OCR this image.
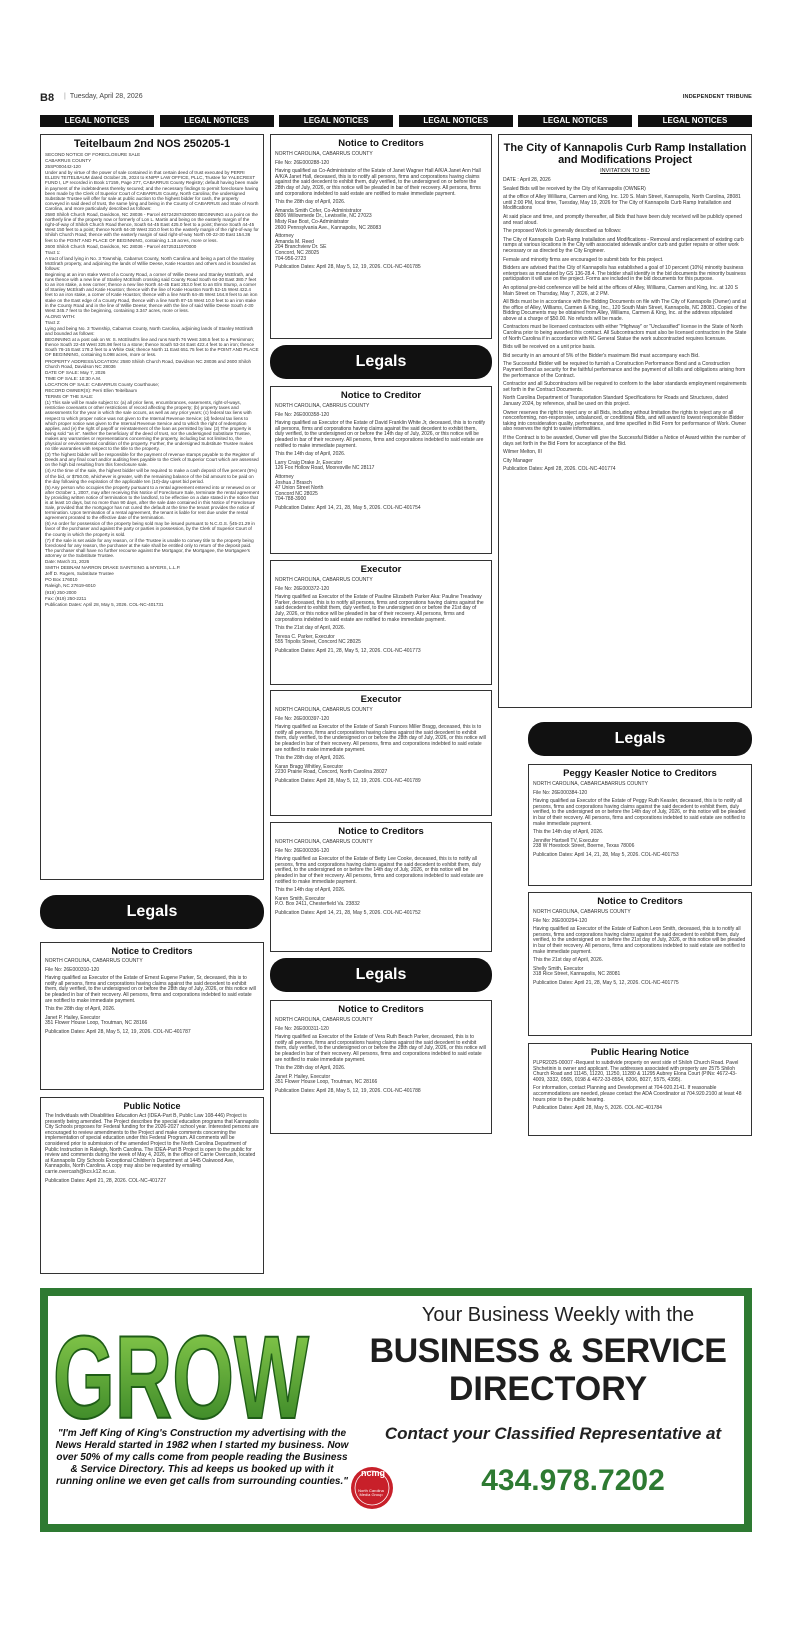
B8
|	Tuesday, April 28, 2026	INDEPENDENT TRIBUNE
LEGAL NOTICES	LEGAL NOTICES	LEGAL NOTICES	LEGAL NOTICES	LEGAL NOTICES	LEGAL NOTICES
Teitelbaum 2nd NOS 250205-1

SECOND NOTICE OF FORECLOSURE SALE

CABARRUS COUNTY

25SP000442-120

Under and by virtue of the power of sale contained in that certain deed of trust executed by PERRI ELLEN TEITELBAUM dated October 25, 2024 to KNIPP LAW OFFICE, PLLC, Trustee for YALECREST FUND I, LP recorded in Book 17159, Page 277, CABARRUS County Registry; default having been made in payment of the indebtedness thereby secured; and the necessary findings to permit foreclosure having been made by the Clerk of Superior Court of CABARRUS County, North Carolina; the undersigned Substitute Trustee will offer for sale at public auction to the highest bidder for cash, the property conveyed in said deed of trust, the same lying and being in the County of CABARRUS and State of North Carolina, and more particularly described as follows:

2580 Shiloh Church Road, Davidson, NC 28036 - Parcel 46724287430000 BEGINNING at a point on the northerly line of the property now or formerly of Lon L. Martin and being on the easterly margin of the right-of-way of Shiloh Church Road thence, South 64-45 East 425.0 feet to a point; thence South 44-45 West 150 feet to a point; thence North 64-30 West 310.0 feet to the easterly margin of the right-of-way for Shiloh Church Road; thence with the easterly margin of said right-of-way North 00-22-30 East 154.36 feet to the POINT AND PLACE OF BEGINNING, containing 1.18 acres, more or less.

2600 Shiloh Church Road, Davidson, NC 28036 - Parcel 46725311970000

Tract 1:

A tract of land lying in No. 3 Township, Cabarrus County, North Carolina and being a part of the Stanley McElrath property, and adjoining the lands of Willie Deese, Katie Houston and others and is bounded as follows:

Beginning at an iron stake West of a County Road, a corner of Willie Deese and Stanley McElrath, and runs thence with a new line of Stanley McElrath crossing said County Road South 64-30 East 380.7 feet to an iron stake, a new corner; thence a new line North 44-45 East 253.0 feet to an Elm Stump, a corner of Stanley McElrath and Katie Houston; thence with the line of Katie Houston North 52-15 West 422.4 feet to an iron stake, a corner of Katie Houston; thence with a line North 64-45 West 164.8 feet to an iron stake on the East edge of a County Road, thence with a line North 87-15 West 10.0 feet to an iron stake in the County Road and in the line of Willie Deese; thence with the line of said Willie Deese South 4-30 West 345.7 feet to the beginning, containing 3.347 acres, more or less.

ALONG WITH:

Tract 2:

Lying and being No. 3 Township, Cabarrus County, North Carolina, adjoining lands of Stanley McElrath and bounded as follows:

BEGINNING at a post oak on W. S. McElrath's line and runs North 76 West 346.5 feet to a Persimmon; thence South 22-48 West 325.98 feet to a stone; thence South 53-34 East 422.4 feet to an iron; thence South 78-15 East 178.2 feet to a White Oak; thence North 11 East 651.75 feet to the POINT AND PLACE OF BEGINNING, containing 5.098 acres, more or less.

PROPERTY ADDRESS/LOCATION: 2580 Shiloh Church Road, Davidson NC 28036 and 2600 Shiloh Church Road, Davidson NC 28036

DATE OF SALE: May 7, 2026

TIME OF SALE: 10:30 A.M.

LOCATION OF SALE: CABARRUS County Courthouse;

RECORD OWNER(S): Perri Ellen Teitelbaum

TERMS OF THE SALE:

(1) This sale will be made subject to: (a) all prior liens, encumbrances, easements, right-of-ways, restrictive covenants or other restrictions of record affecting the property; (b) property taxes and assessments for the year in which the sale occurs, as well as any prior years; (c) federal tax liens with respect to which proper notice was not given to the Internal Revenue Service; (d) federal tax liens to which proper notice was given to the Internal Revenue Service and to which the right of redemption applies, and (e) the right of payoff or reinstatement of the loan as permitted by law. (2) The property is being sold "as is". Neither the beneficiary of the deed of trust, nor the undersigned Substitute Trustee, makes any warranties or representations concerning the property, including but not limited to, the physical or environmental condition of the property. Further, the undersigned Substitute Trustee makes no title warranties with respect to the title to the property.

(3) The highest bidder will be responsible for the payment of revenue stamps payable to the Register of Deeds and any final court and/or auditing fees payable to the Clerk of Superior Court which are assessed on the high bid resulting from this foreclosure sale.

(4) At the time of the sale, the highest bidder will be required to make a cash deposit of five percent (5%) of the bid, or $750.00, whichever is greater, with the remaining balance of the bid amount to be paid on the day following the expiration of the applicable ten (10)-day upset bid period.

(5) Any person who occupies the property pursuant to a rental agreement entered into or renewed on or after October 1, 2007, may after receiving this Notice of Foreclosure Sale, terminate the rental agreement by providing written notice of termination to the landlord, to be effective on a date stated in the notice that is at least 10 days, but no more than 90 days, after the sale date contained in this Notice of Foreclosure Sale, provided that the mortgagor has not cured the default at the time the tenant provides the notice of termination. Upon termination of a rental agreement, the tenant is liable for rent due under the rental agreement prorated to the effective date of the termination.

(6) An order for possession of the property being sold may be issued pursuant to N.C.G.S. §45-21.29 in favor of the purchaser and against the party or parties in possession, by the Clerk of Superior Court of the county in which the property is sold.

(7) If the sale is set aside for any reason, or if the Trustee is unable to convey title to the property being foreclosed for any reason, the purchaser at the sale shall be entitled only to return of the deposit paid. The purchaser shall have no further recourse against the Mortgagor, the Mortgagee, the Mortgagee's attorney or the Substitute Trustee.

Date: March 31, 2026

SMITH DEBNAM NARRON DRAKE SAINTSING & MYERS, L.L.P.

Jeff D. Rogers, Substitute Trustee

PO Box 176010

Raleigh, NC 27619-6010

(919) 250-2000

Fax: (919) 250-2211

Publication Dates: April 28, May 5, 2026. COL-NC-401731

Legals
Notice to Creditors

NORTH CAROLINA, CABARRUS COUNTY

File No: 26E000310-120

Having qualified as Executor of the Estate of Ernest Eugene Parker, Sr, deceased, this is to notify all persons, firms and corporations having claims against the said decedent to exhibit them, duly verified, to the undersigned on or before the 28th day of July, 2026, or this notice will be pleaded in bar of their recovery. All persons, firms and corporations indebted to said estate are notified to make immediate payment.

This the 28th day of April, 2026.

Janet P. Hailey, Executor
351 Flower House Loop, Troutman, NC 28166

Publication Dates: April 28, May 5, 12, 19, 2026. COL-NC-401787

Public Notice

The Individuals with Disabilities Education Act (IDEA-Part B, Public Law 108-446) Project is presently being amended. The Project describes the special education programs that Kannapolis City Schools proposes for Federal funding for the 2026-2027 school year. Interested persons are encouraged to review amendments to the Project and make comments concerning the implementation of special education under this Federal Program. All comments will be considered prior to submission of the amended Project to the North Carolina Department of Public Instruction in Raleigh, North Carolina. The IDEA-Part B Project is open to the public for review and comments during the week of May 4, 2026, in the office of Carrie Overcash, located at Kannapolis City Schools Exceptional Children's Department at 1445 Oakwood Ave, Kannapolis, North Carolina. A copy may also be requested by emailing carrie.overcash@kcs.k12.nc.us.

Publication Dates: April 21, 28, 2026. COL-NC-401727

Notice to Creditors

NORTH CAROLINA, CABARRUS COUNTY

File No: 26E000288-120

Having qualified as Co-Administrator of the Estate of Janet Wagner Hall A/K/A Janet Ann Hall A/K/A Janet Hall, deceased, this is to notify all persons, firms and corporations having claims against the said decedent to exhibit them, duly verified, to the undersigned on or before the 28th day of July, 2026, or this notice will be pleaded in bar of their recovery. All persons, firms and corporations indebted to said estate are notified to make immediate payment.

This the 28th day of April, 2026.

Amanda Smith Cofer, Co-Administrator
8806 Willowmede Dr., Lewisville, NC 27023
Misty Rae Bost, Co-Administrator
2600 Pennsylvania Ave., Kannapolis, NC 28083

Attorney
Amanda M. Reed
204 Branchview Dr. SE
Concord, NC 28025
704-956-2723

Publication Dates: April 28, May 5, 12, 19, 2026. COL-NC-401785

Legals
Notice to Creditor

NORTH CAROLINA, CABRRUS COUNTY

File No: 26E000358-120

Having qualified as Executor of the Estate of David Franklin White Jr, deceased, this is to notify all persons, firms and corporations having claims against the said decedent to exhibit them, duly verified, to the undersigned on or before the 14th day of July, 2026, or this notice will be pleaded in bar of their recovery. All persons, firms and corporations indebted to said estate are notified to make immediate payment.

This the 14th day of April, 2026.

Larry Craig Drake Jr, Executor
126 Fox Hollow Road, Mooresville NC 28117

Attorney
Joshua J Brasch
47 Union Street North
Concord NC 28025
704-788-3900

Publication Dates: April 14, 21, 28, May 5, 2026. COL-NC-401754

Executor

NORTH CAROLINA, CABARRUS COUNTY

File No: 26E000372-120

Having qualified as Executor of the Estate of Pauline Elizabeth Parker Aka: Pauline Treadway Parker, deceased, this is to notify all persons, firms and corporations having claims against the said decedent to exhibit them, duly verified, to the undersigned on or before the 21st day of July, 2026, or this notice will be pleaded in bar of their recovery. All persons, firms and corporations indebted to said estate are notified to make immediate payment.

This the 21st day of April, 2026.

Teresa C. Parker, Executor
555 Tripolis Street, Concord NC 28025

Publication Dates: April 21, 28, May 5, 12, 2026. COL-NC-401773

Executor

NORTH CAROLINA, CABARRUS COUNTY

File No: 26E000397-120

Having qualified as Executor of the Estate of Sarah Frances Miller Bragg, deceased, this is to notify all persons, firms and corporations having claims against the said decedent to exhibit them, duly verified, to the undersigned on or before the 28th day of July, 2026, or this notice will be pleaded in bar of their recovery. All persons, firms and corporations indebted to said estate are notified to make immediate payment.

This the 28th day of April, 2026.

Karan Bragg Whitley, Executor
2230 Prairie Road, Concord, North Carolina 28027

Publication Dates: April 28, May 5, 12, 19, 2026. COL-NC-401789

Notice to Creditors

NORTH CAROLINA, CABARRUS COUNTY

File No: 26E000336-120

Having qualified as Executor of the Estate of Betty Lee Cooke, deceased, this is to notify all persons, firms and corporations having claims against the said decedent to exhibit them, duly verified, to the undersigned on or before the 14th day of July, 2026, or this notice will be pleaded in bar of their recovery. All persons, firms and corporations indebted to said estate are notified to make immediate payment.

This the 14th day of April, 2026.

Karen Smith, Executor
P.O. Box 2411, Chesterfield Va. 23832

Publication Dates: April 14, 21, 28, May 5, 2026. COL-NC-401752

Legals
Notice to Creditors

NORTH CAROLINA, CABARRUS COUNTY

File No: 26E000311-120

Having qualified as Executor of the Estate of Vera Ruth Beach Parker, deceased, this is to notify all persons, firms and corporations having claims against the said decedent to exhibit them, duly verified, to the undersigned on or before the 28th day of July, 2026, or this notice will be pleaded in bar of their recovery. All persons, firms and corporations indebted to said estate are notified to make immediate payment.

This the 28th day of April, 2026.

Janet P. Hailey, Executor
351 Flower House Loop, Troutman, NC 28166

Publication Dates: April 28, May 5, 12, 19, 2026. COL-NC-401788

The City of Kannapolis Curb Ramp Installation and Modifications Project
INVITATION TO BID

DATE : April 28, 2026

Sealed Bids will be received by the City of Kannapolis (OWNER)

at the office of Alley Williams, Carmen and King, Inc. 120 S. Main Street, Kannapolis, North Carolina, 28081 until 2:00 PM, local time, Tuesday, May 19, 2026 for The City of Kannapolis Curb Ramp Installation and Modifications

At said place and time, and promptly thereafter, all Bids that have been duly received will be publicly opened and read aloud.

The proposed Work is generally described as follows:

The City of Kannapolis Curb Ramp Installation and Modifications - Removal and replacement of existing curb ramps at various locations in the City with associated sidewalk and/or curb and gutter repairs or other work necessary or as directed by the City Engineer.

Female and minority firms are encouraged to submit bids for this project.

Bidders are advised that the City of Kannapolis has established a goal of 10 percent (10%) minority business enterprises as mandated by GS 136-28.4. The bidder shall identify in the bid documents the minority business participation it will use on the project. Forms are included in the bid documents for this purpose.

An optional pre-bid conference will be held at the offices of Alley, Williams, Carmen and King, Inc. at 120 S Main Street on Thursday, May 7, 2026, at 2 PM.

All Bids must be in accordance with the Bidding Documents on file with The City of Kannapolis (Owner) and at the office of Alley, Williams, Carmen & King, Inc., 120 South Main Street, Kannapolis, NC 28081. Copies of the Bidding Documents may be obtained from Alley, Williams, Carmen & King, Inc. at the address stipulated above at a charge of $50.00. No refunds will be made.

Contractors must be licensed contractors with either "Highway" or "Unclassified" license in the State of North Carolina prior to being awarded this contract. All Subcontractors must also be licensed contractors in the State of North Carolina if in accordance with NC General Statue the work subcontracted requires licensure.

Bids will be received on a unit price basis.

Bid security in an amount of 5% of the Bidder's maximum Bid must accompany each Bid.

The Successful Bidder will be required to furnish a Construction Performance Bond and a Construction Payment Bond as security for the faithful performance and the payment of all bills and obligations arising from the performance of the Contract.

Contractor and all Subcontractors will be required to conform to the labor standards employment requirements set forth in the Contract Documents.

North Carolina Department of Transportation Standard Specifications for Roads and Structures, dated January 2024, by reference, shall be used on this project.

Owner reserves the right to reject any or all Bids, including without limitation the rights to reject any or all nonconforming, non-responsive, unbalanced, or conditional Bids, and will award to lowest responsible Bidder taking into consideration quality, performance, and time specified in Bid Form for performance of Work. Owner also reserves the right to waive informalities.

If the Contract is to be awarded, Owner will give the Successful Bidder a Notice of Award within the number of days set forth in the Bid Form for acceptance of the Bid.

Wilmer Melton, III

City Manager

Publication Dates: April 28, 2026. COL-NC-401774

Legals
Peggy Keasler Notice to Creditors

NORTH CAROLINA, CABARCABARRUS COUNTY

File No: 26E000384-120

Having qualified as Executor of the Estate of Peggy Ruth Keasler, deceased, this is to notify all persons, firms and corporations having claims against the said decedent to exhibit them, duly verified, to the undersigned on or before the 14th day of July, 2026, or this notice will be pleaded in bar of their recovery. All persons, firms and corporations indebted to said estate are notified to make immediate payment.

This the 14th day of April, 2026.

Jennifer Hartsell TV, Executor
238 W Hoestock Street, Boerne, Texas 78006

Publication Dates: April 14, 21, 28, May 5, 2026. COL-NC-401753

Notice to Creditors

NORTH CAROLINA, CABARRUS COUNTY

File No: 26E000294-120

Having qualified as Executor of the Estate of Eathon Leon Smith, deceased, this is to notify all persons, firms and corporations having claims against the said decedent to exhibit them, duly verified, to the undersigned on or before the 21st day of July, 2026, or this notice will be pleaded in bar of their recovery. All persons, firms and corporations indebted to said estate are notified to make immediate payment.

This the 21st day of April, 2026.

Shelly Smith, Executor
318 Rice Street, Kannapolis, NC 28081

Publication Dates: April 21, 28, May 5, 12, 2026. COL-NC-401775

Public Hearing Notice

PLPR2025-00007 -Request to subdivide property on west side of Shiloh Church Road. Pavel Shchetinin is owner and applicant. The addresses associated with property are 2575 Shiloh Church Road and 11145, 11220, 11250, 11280 & 11295 Aubrey Elona Court (PINs: 4672-43-4009, 3332, 0565, 0198 & 4672-33-8554, 8206, 8027, 5575, 4395).

For information, contact Planning and Development at 704-920.2141. If reasonable accommodations are needed, please contact the ADA Coordinator at 704.920.2100 at least 48 hours prior to the public hearing.

Publication Dates: April 28, May 5, 2026. COL-NC-401784

GROW
"I'm Jeff King of King's Construction my advertising with the News Herald started in 1982 when I started my business. Now over 50% of my calls come from people reading the Business & Service Directory. This ad keeps us booked up with it running online we even get calls from surrounding counties."
Your Business Weekly with the
BUSINESS & SERVICE
DIRECTORY
Contact your Classified Representative at
ncmg
North Carolina Media Group	434.978.7202
